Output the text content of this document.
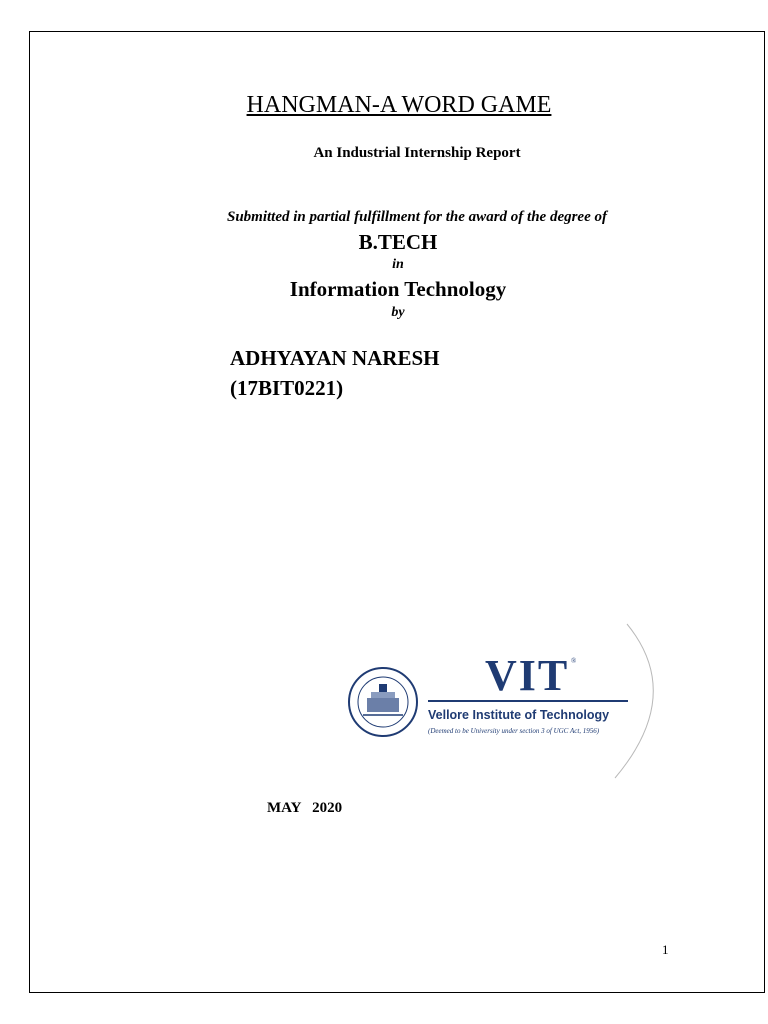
HANGMAN-A WORD GAME
An Industrial Internship Report
Submitted in partial fulfillment for the award of the degree of
B.TECH
in
Information Technology
by
ADHYAYAN NARESH
(17BIT0221)
VIT ®
Vellore Institute of Technology
(Deemed to be University under section 3 of UGC Act, 1956)
MAY   2020
1
